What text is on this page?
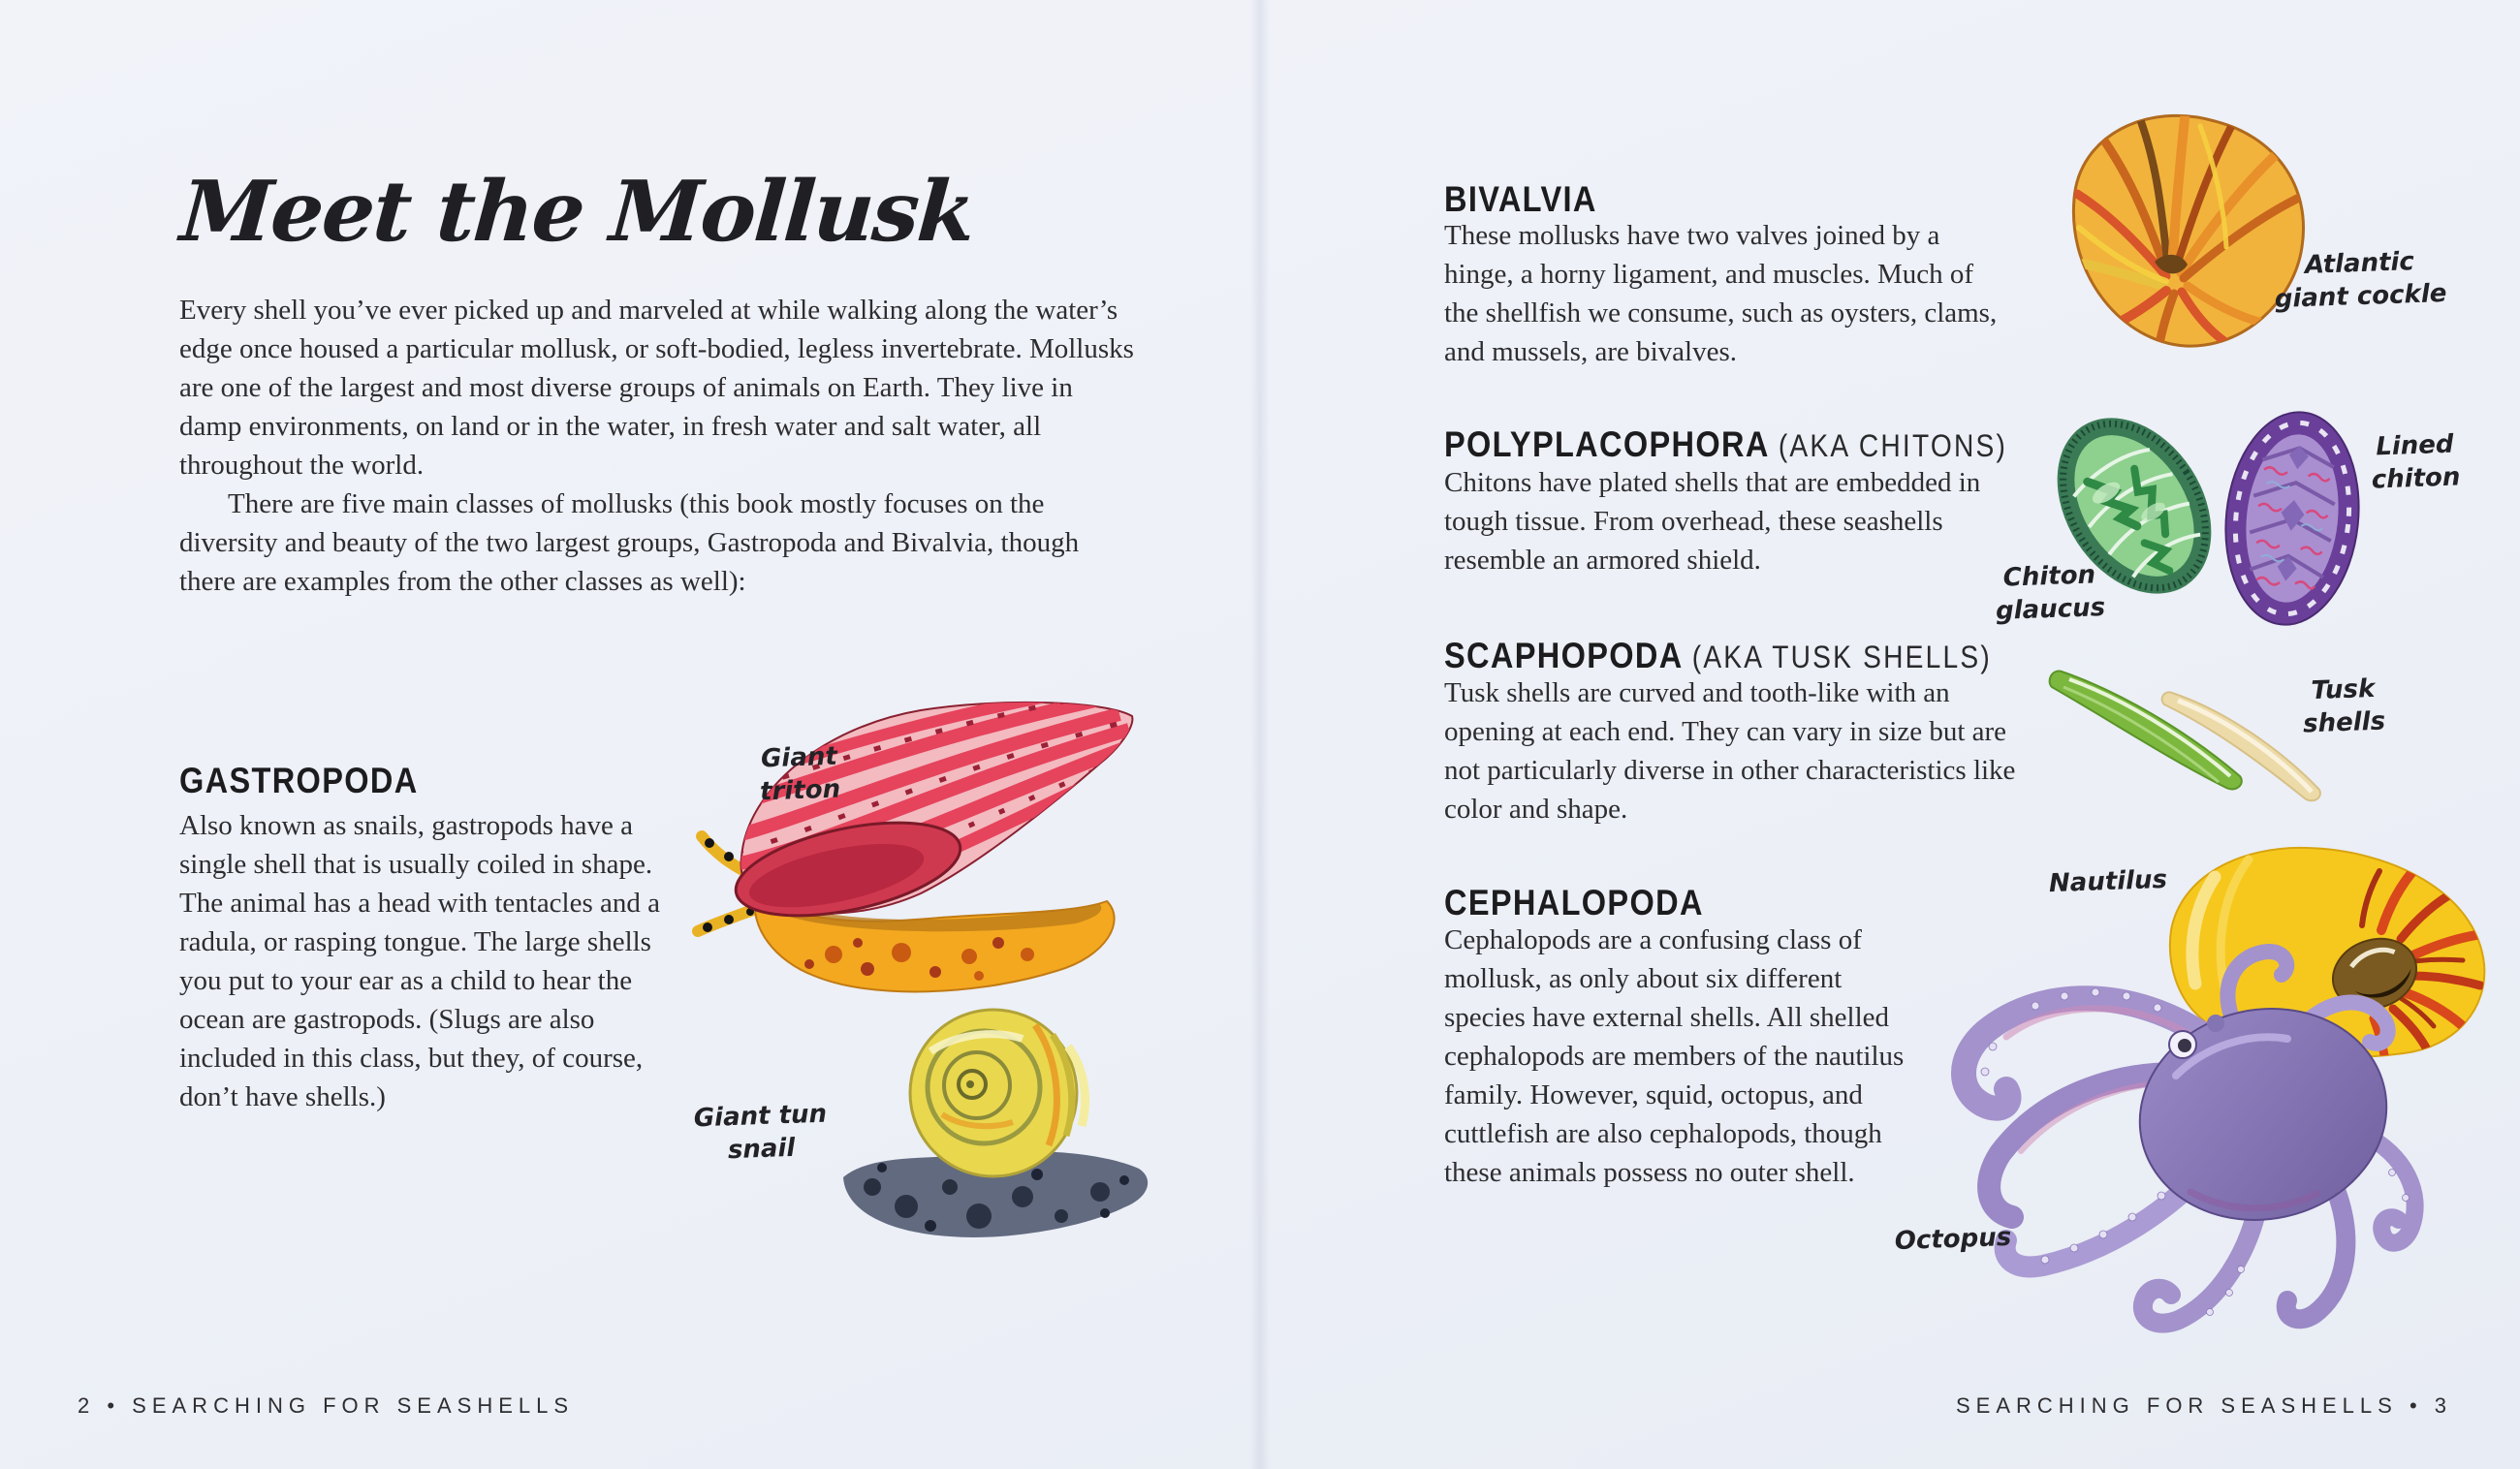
Meet the Mollusk

Every shell you’ve ever picked up and marveled at while walking along the water’s edge once housed a particular mollusk, or soft-bodied, legless invertebrate. Mollusks are one of the largest and most diverse groups of animals on Earth. They live in damp environments, on land or in the water, in fresh water and salt water, all throughout the world.

There are five main classes of mollusks (this book mostly focuses on the diversity and beauty of the two largest groups, Gastropoda and Bivalvia, though there are examples from the other classes as well):

GASTROPODA
Also known as snails, gastropods have a single shell that is usually coiled in shape. The animal has a head with tentacles and a radula, or rasping tongue. The large shells you put to your ear as a child to hear the ocean are gastropods. (Slugs are also included in this class, but they, of course, don’t have shells.)
Giant
triton
Giant tun
snail
2 • SEARCHING FOR SEASHELLS
BIVALVIA
These mollusks have two valves joined by a hinge, a horny ligament, and muscles. Much of the shellfish we consume, such as oysters, clams, and mussels, are bivalves.
POLYPLACOPHORA (AKA CHITONS)
Chitons have plated shells that are embedded in tough tissue. From overhead, these seashells resemble an armored shield.
SCAPHOPODA (AKA TUSK SHELLS)
Tusk shells are curved and tooth-like with an opening at each end. They can vary in size but are not particularly diverse in other characteristics like color and shape.
CEPHALOPODA
Cephalopods are a confusing class of mollusk, as only about six different species have external shells. All shelled cephalopods are members of the nautilus family. However, squid, octopus, and cuttlefish are also cephalopods, though these animals possess no outer shell.
Atlantic
giant cockle
Chiton
glaucus
Lined
chiton
Tusk
shells
Nautilus
Octopus
SEARCHING FOR SEASHELLS • 3
